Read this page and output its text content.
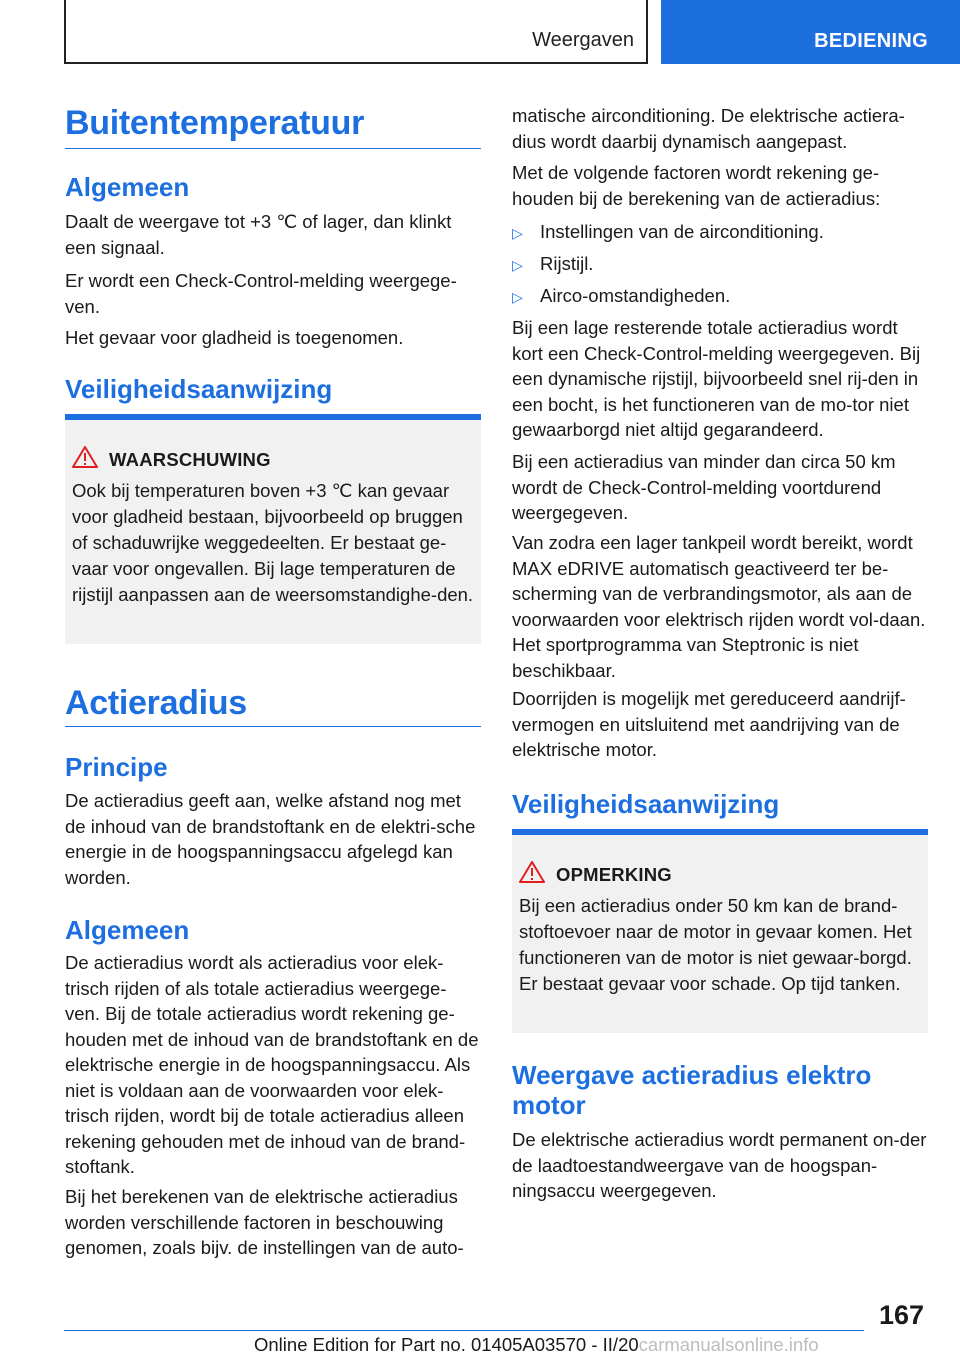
Weergaven	BEDIENING
Buitentemperatuur
Algemeen

Daalt de weergave tot +3 ℃ of lager, dan klinkt een signaal.

Er wordt een Check-Control-melding weergege-ven.

Het gevaar voor gladheid is toegenomen.

Veiligheidsaanwijzing
WAARSCHUWING

Ook bij temperaturen boven +3 ℃ kan gevaar voor gladheid bestaan, bijvoorbeeld op bruggen of schaduwrijke weggedeelten. Er bestaat ge-vaar voor ongevallen. Bij lage temperaturen de rijstijl aanpassen aan de weersomstandighe-den.

Actieradius
Principe

De actieradius geeft aan, welke afstand nog met de inhoud van de brandstoftank en de elektri-sche energie in de hoogspanningsaccu afgelegd kan worden.

Algemeen

De actieradius wordt als actieradius voor elek-trisch rijden of als totale actieradius weergege-ven. Bij de totale actieradius wordt rekening ge-houden met de inhoud van de brandstoftank en de elektrische energie in de hoogspanningsaccu. Als niet is voldaan aan de voorwaarden voor elek-trisch rijden, wordt bij de totale actieradius alleen rekening gehouden met de inhoud van de brand-stoftank.

Bij het berekenen van de elektrische actieradius worden verschillende factoren in beschouwing genomen, zoals bijv. de instellingen van de auto-

matische airconditioning. De elektrische actiera-dius wordt daarbij dynamisch aangepast.

Met de volgende factoren wordt rekening ge-houden bij de berekening van de actieradius:

▷ Instellingen van de airconditioning.
▷ Rijstijl.
▷ Airco-omstandigheden.

Bij een lage resterende totale actieradius wordt kort een Check-Control-melding weergegeven. Bij een dynamische rijstijl, bijvoorbeeld snel rij-den in een bocht, is het functioneren van de mo-tor niet gewaarborgd niet altijd gegarandeerd.

Bij een actieradius van minder dan circa 50 km wordt de Check-Control-melding voortdurend weergegeven.

Van zodra een lager tankpeil wordt bereikt, wordt MAX eDRIVE automatisch geactiveerd ter be-scherming van de verbrandingsmotor, als aan de voorwaarden voor elektrisch rijden wordt vol-daan. Het sportprogramma van Steptronic is niet beschikbaar.

Doorrijden is mogelijk met gereduceerd aandrijf-vermogen en uitsluitend met aandrijving van de elektrische motor.

Veiligheidsaanwijzing
OPMERKING

Bij een actieradius onder 50 km kan de brand-stoftoevoer naar de motor in gevaar komen. Het functioneren van de motor is niet gewaar-borgd. Er bestaat gevaar voor schade. Op tijd tanken.

Weergave actieradius elektro
motor

De elektrische actieradius wordt permanent on-der de laadtoestandweergave van de hoogspan-ningsaccu weergegeven.

167
Online Edition for Part no. 01405A03570 - II/20carmanualsonline.info
